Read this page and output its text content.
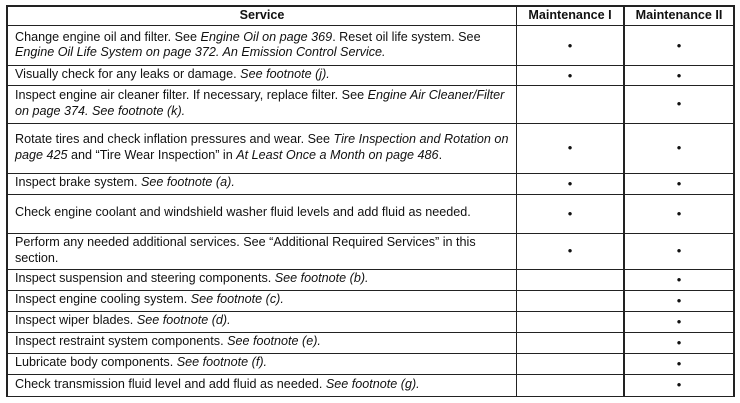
Service	Maintenance I	Maintenance II
Change engine oil and filter. See Engine Oil on page 369. Reset oil life system. See Engine Oil Life System on page 372. An Emission Control Service.	•	•
Visually check for any leaks or damage. See footnote (j).	•	•
Inspect engine air cleaner filter. If necessary, replace filter. See Engine Air Cleaner/Filter on page 374. See footnote (k).		•
Rotate tires and check inflation pressures and wear. See Tire Inspection and Rotation on page 425 and “Tire Wear Inspection” in At Least Once a Month on page 486.	•	•
Inspect brake system. See footnote (a).	•	•
Check engine coolant and windshield washer fluid levels and add fluid as needed.	•	•
Perform any needed additional services. See “Additional Required Services” in this section.	•	•
Inspect suspension and steering components. See footnote (b).		•
Inspect engine cooling system. See footnote (c).		•
Inspect wiper blades. See footnote (d).		•
Inspect restraint system components. See footnote (e).		•
Lubricate body components. See footnote (f).		•
Check transmission fluid level and add fluid as needed. See footnote (g).		•
